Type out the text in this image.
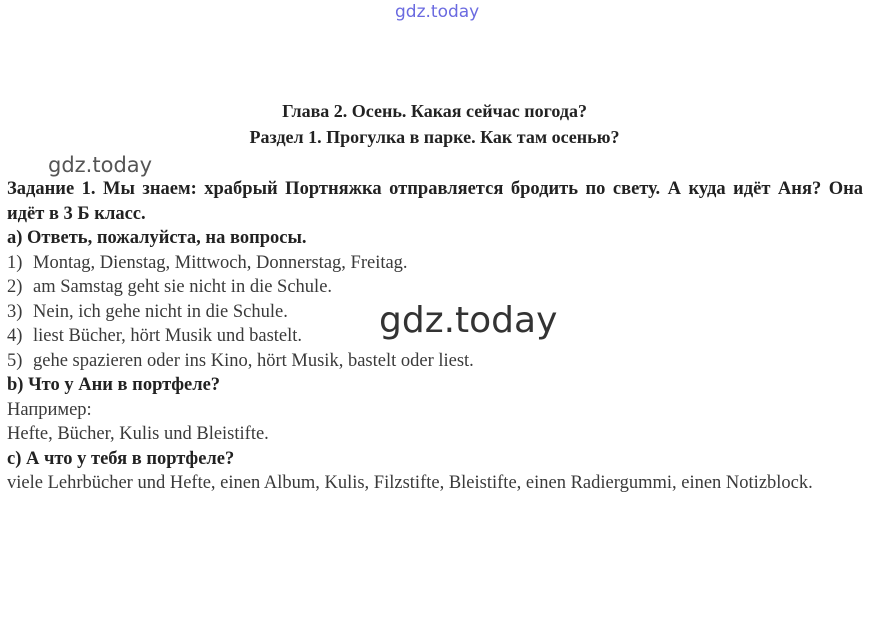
gdz.today
gdz.today
gdz.today
Глава 2. Осень. Какая сейчас погода?
Раздел 1. Прогулка в парке. Как там осенью?

Задание 1. Мы знаем: храбрый Портняжка отправляется бродить по свету. А куда идёт Аня? Она идёт в 3 Б класс.

а) Ответь, пожалуйста, на вопросы.

1) Montag, Dienstag, Mittwoch, Donnerstag, Freitag.

2) am Samstag geht sie nicht in die Schule.

3) Nein, ich gehe nicht in die Schule.

4) liest Bücher, hört Musik und bastelt.

5) gehe spazieren oder ins Kino, hört Musik, bastelt oder liest.

b) Что у Ани в портфеле?

Например:

Hefte, Bücher, Kulis und Bleistifte.

c) А что у тебя в портфеле?

viele Lehrbücher und Hefte, einen Album, Kulis, Filzstifte, Bleistifte, einen Radiergummi, einen Notizblock.
